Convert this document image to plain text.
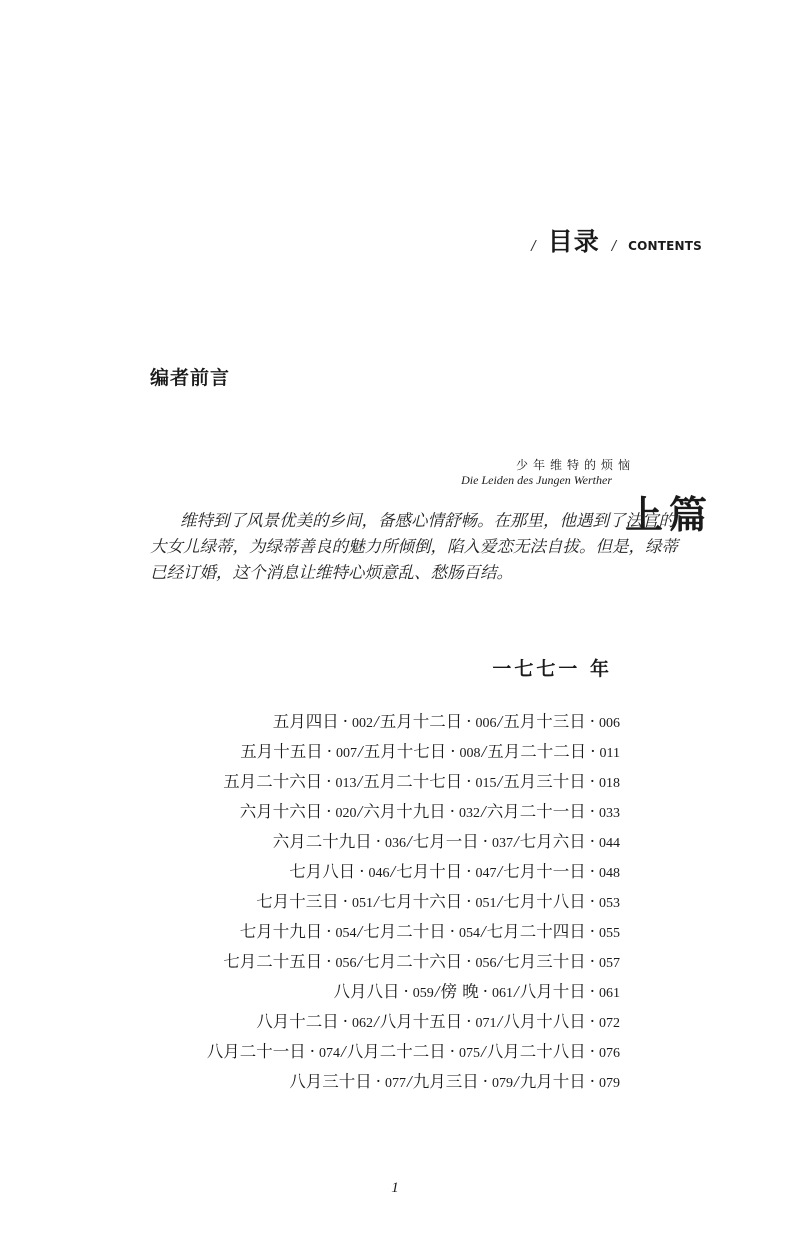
/ 目录 / CONTENTS
编者前言
少年维特的烦恼
Die Leiden des Jungen Werther
上篇
维特到了风景优美的乡间，备感心情舒畅。在那里，他遇到了法官的
大女儿绿蒂，为绿蒂善良的魅力所倾倒，陷入爱恋无法自拔。但是，绿蒂
已经订婚，这个消息让维特心烦意乱、愁肠百结。
一七七一 年
五月四日 · 002/五月十二日 · 006/五月十三日 · 006
五月十五日 · 007/五月十七日 · 008/五月二十二日 · 011
五月二十六日 · 013/五月二十七日 · 015/五月三十日 · 018
六月十六日 · 020/六月十九日 · 032/六月二十一日 · 033
六月二十九日 · 036/七月一日 · 037/七月六日 · 044
七月八日 · 046/七月十日 · 047/七月十一日 · 048
七月十三日 · 051/七月十六日 · 051/七月十八日 · 053
七月十九日 · 054/七月二十日 · 054/七月二十四日 · 055
七月二十五日 · 056/七月二十六日 · 056/七月三十日 · 057
八月八日 · 059/傍 晚 · 061/八月十日 · 061
八月十二日 · 062/八月十五日 · 071/八月十八日 · 072
八月二十一日 · 074/八月二十二日 · 075/八月二十八日 · 076
八月三十日 · 077/九月三日 · 079/九月十日 · 079
1
